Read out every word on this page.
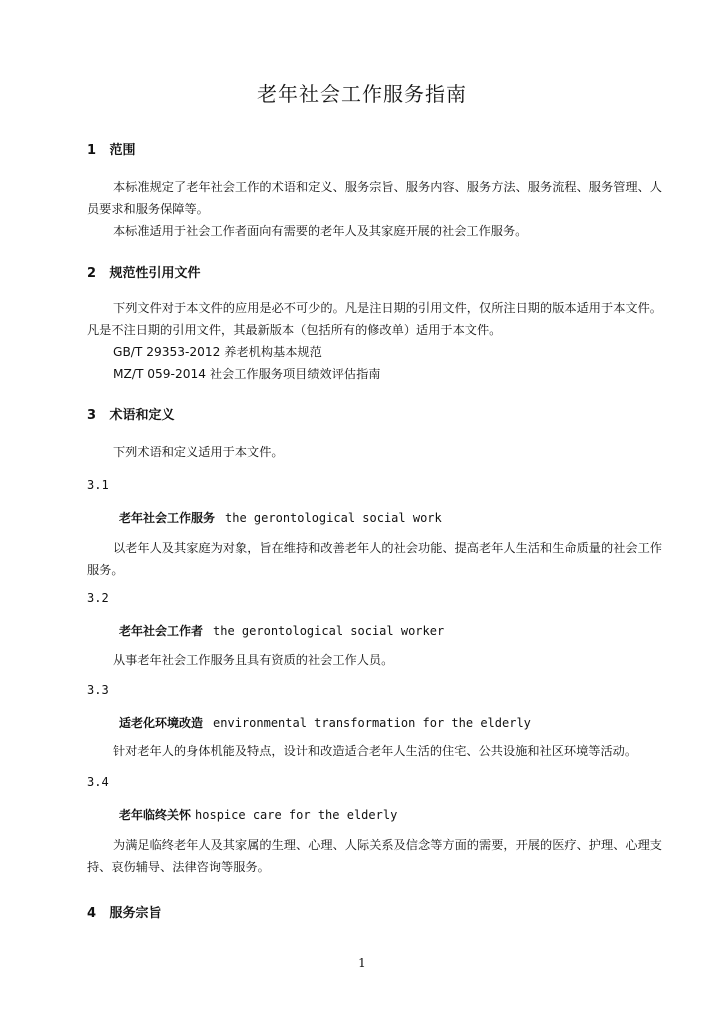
老年社会工作服务指南
1 范围
本标准规定了老年社会工作的术语和定义、服务宗旨、服务内容、服务方法、服务流程、服务管理、人员要求和服务保障等。
本标准适用于社会工作者面向有需要的老年人及其家庭开展的社会工作服务。
2 规范性引用文件
下列文件对于本文件的应用是必不可少的。凡是注日期的引用文件，仅所注日期的版本适用于本文件。凡是不注日期的引用文件，其最新版本（包括所有的修改单）适用于本文件。
GB/T 29353-2012 养老机构基本规范
MZ/T 059-2014 社会工作服务项目绩效评估指南
3 术语和定义
下列术语和定义适用于本文件。
3.1
老年社会工作服务 the gerontological social work
以老年人及其家庭为对象，旨在维持和改善老年人的社会功能、提高老年人生活和生命质量的社会工作服务。
3.2
老年社会工作者 the gerontological social worker
从事老年社会工作服务且具有资质的社会工作人员。
3.3
适老化环境改造 environmental transformation for the elderly
针对老年人的身体机能及特点，设计和改造适合老年人生活的住宅、公共设施和社区环境等活动。
3.4
老年临终关怀 hospice care for the elderly
为满足临终老年人及其家属的生理、心理、人际关系及信念等方面的需要，开展的医疗、护理、心理支持、哀伤辅导、法律咨询等服务。
4 服务宗旨
1
